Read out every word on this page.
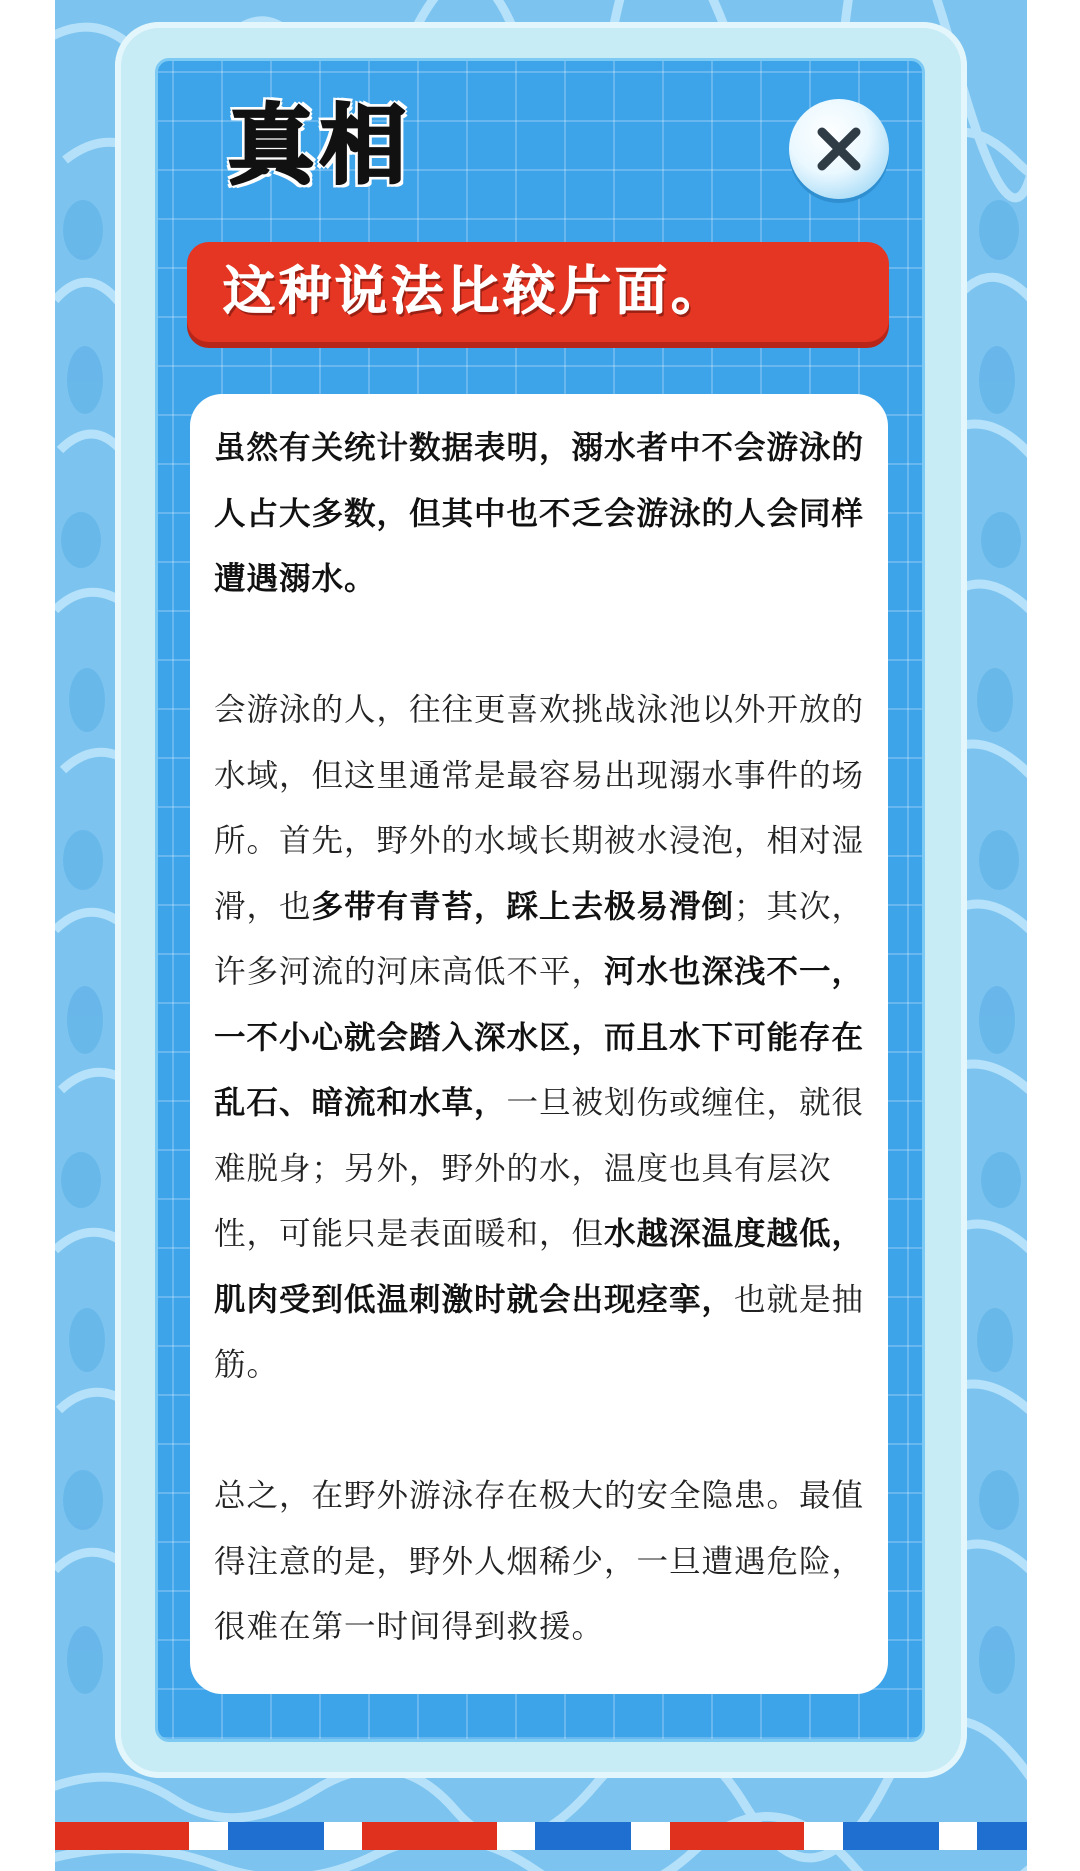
真相
这种说法比较片面。

虽然有关统计数据表明，溺水者中不会游泳的人占大多数，但其中也不乏会游泳的人会同样遭遇溺水。

会游泳的人，往往更喜欢挑战泳池以外开放的水域，但这里通常是最容易出现溺水事件的场所。首先，野外的水域长期被水浸泡，相对湿滑，也多带有青苔，踩上去极易滑倒；其次，许多河流的河床高低不平，河水也深浅不一，一不小心就会踏入深水区，而且水下可能存在乱石、暗流和水草，一旦被划伤或缠住，就很难脱身；另外，野外的水，温度也具有层次性，可能只是表面暖和，但水越深温度越低，肌肉受到低温刺激时就会出现痉挛，也就是抽筋。

总之，在野外游泳存在极大的安全隐患。最值得注意的是，野外人烟稀少，一旦遭遇危险，很难在第一时间得到救援。
